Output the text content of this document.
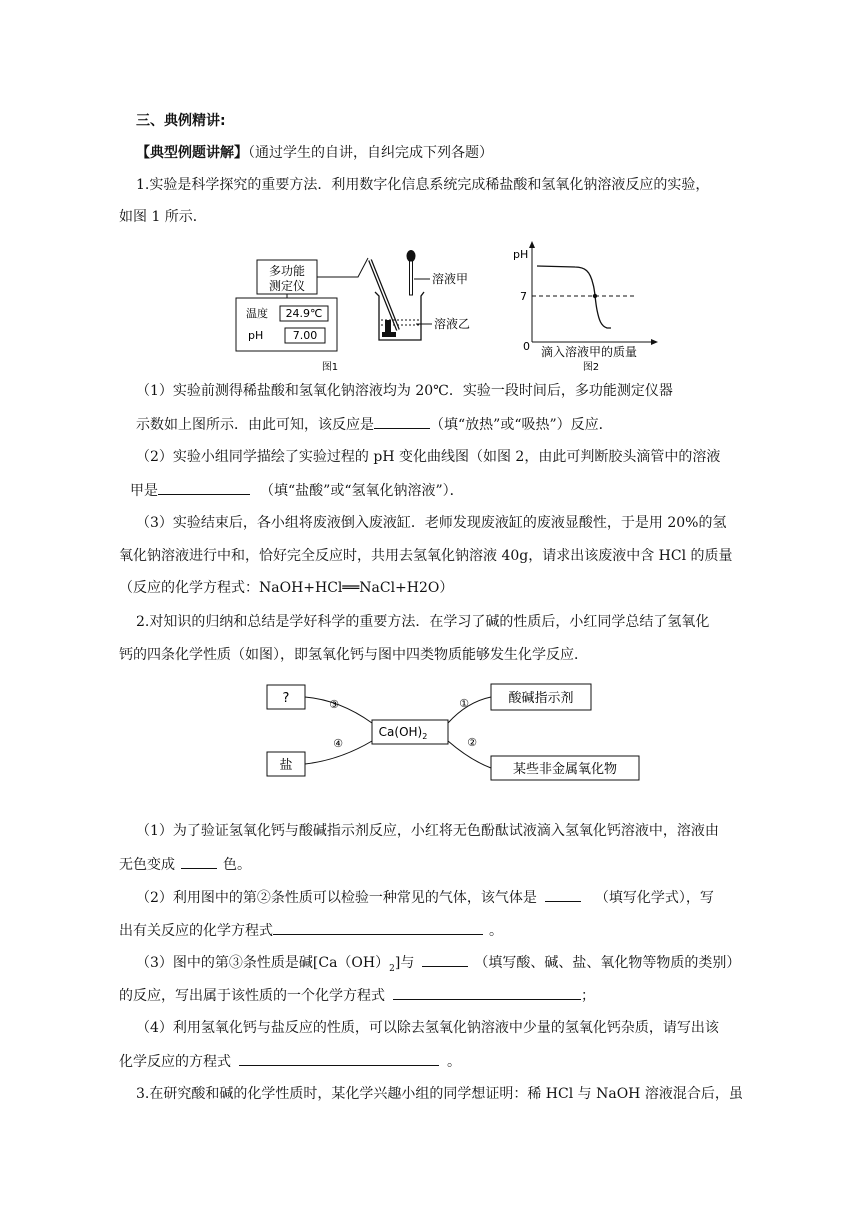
三、典例精讲:
【典型例题讲解】（通过学生的自讲，自纠完成下列各题）
1.实验是科学探究的重要方法．利用数字化信息系统完成稀盐酸和氢氧化钠溶液反应的实验，
如图 1 所示．
多功能
测定仪
温度 24.9℃
pH	7.00
溶液甲
溶液乙
图1
pH
7
0 滴入溶液甲的质量
图2
（1）实验前测得稀盐酸和氢氧化钠溶液均为 20℃．实验一段时间后，多功能测定仪器
示数如上图所示．由此可知，该反应是	（填“放热”或“吸热”）反应．
（2）实验小组同学描绘了实验过程的 pH 变化曲线图（如图 2，由此可判断胶头滴管中的溶液
甲是	（填“盐酸”或“氢氧化钠溶液”）．
（3）实验结束后，各小组将废液倒入废液缸．老师发现废液缸的废液显酸性，于是用 20%的氢
氧化钠溶液进行中和，恰好完全反应时，共用去氢氧化钠溶液 40g，请求出该废液中含 HCl 的质量
（反应的化学方程式：NaOH+HCl══NaCl+H2O）
2.对知识的归纳和总结是学好科学的重要方法．在学习了碱的性质后，小红同学总结了氢氧化
钙的四条化学性质（如图），即氢氧化钙与图中四类物质能够发生化学反应．
?
盐
$Ca(OH)_2$
酸碱指示剂
某些非金属氧化物
③
④
①
②
（1）为了验证氢氧化钙与酸碱指示剂反应，小红将无色酚酞试液滴入氢氧化钙溶液中，溶液由
无色变成	色。
（2）利用图中的第②条性质可以检验一种常见的气体，该气体是	（填写化学式），写
出有关反应的化学方程式	。
（3）图中的第③条性质是碱$[Ca(OH)_2]$与	（填写酸、碱、盐、氧化物等物质的类别）
的反应，写出属于该性质的一个化学方程式	；
（4）利用氢氧化钙与盐反应的性质，可以除去氢氧化钠溶液中少量的氢氧化钙杂质，请写出该
化学反应的方程式	。
3.在研究酸和碱的化学性质时，某化学兴趣小组的同学想证明：稀 HCl 与 NaOH 溶液混合后，虽
